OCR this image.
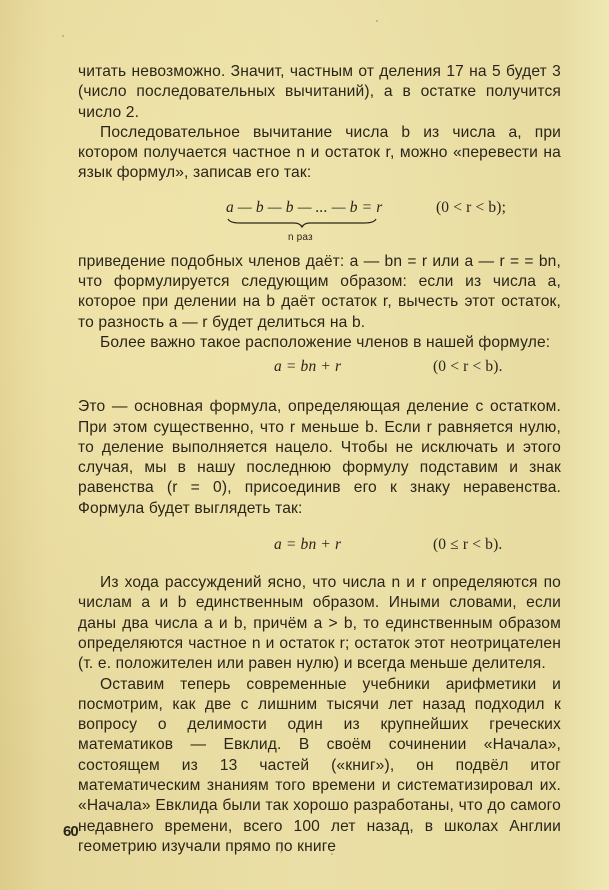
читать невозможно. Значит, частным от деления 17 на 5 будет 3 (число последовательных вычитаний), а в остатке получится число 2.

Последовательное вычитание числа b из числа a, при котором получается частное n и остаток r, можно «перевести на язык формул», записав его так:

a — b — b — ... — b = r
n раз
(0 < r < b);

приведение подобных членов даёт: a — bn = r или a — r = = bn, что формулируется следующим образом: если из числа a, которое при делении на b даёт остаток r, вычесть этот остаток, то разность a — r будет делиться на b.

Более важно такое расположение членов в нашей формуле:

a = bn + r	(0 < r < b).

Это — основная формула, определяющая деление с остатком. При этом существенно, что r меньше b. Если r равняется нулю, то деление выполняется нацело. Чтобы не исключать и этого случая, мы в нашу последнюю формулу подставим и знак равенства (r = 0), присоединив его к знаку неравенства. Формула будет выглядеть так:

a = bn + r	(0 ≤ r < b).

Из хода рассуждений ясно, что числа n и r определяются по числам a и b единственным образом. Иными словами, если даны два числа a и b, причём a > b, то единственным образом определяются частное n и остаток r; остаток этот неотрицателен (т. е. положителен или равен нулю) и всегда меньше делителя.

Оставим теперь современные учебники арифметики и посмотрим, как две с лишним тысячи лет назад подходил к вопросу о делимости один из крупнейших греческих математиков — Евклид. В своём сочинении «Начала», состоящем из 13 частей («книг»), он подвёл итог математическим знаниям того времени и систематизировал их. «Начала» Евклида были так хорошо разработаны, что до самого недавнего времени, всего 100 лет назад, в школах Англии геометрию изучали прямо по книге

60
